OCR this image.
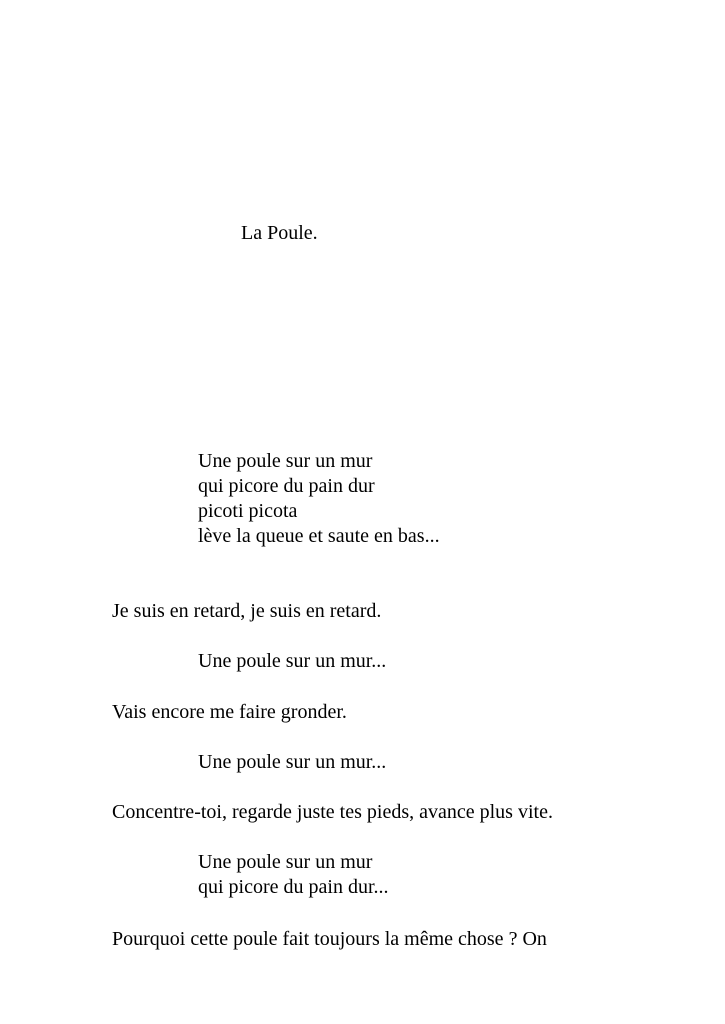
La Poule.
Une poule sur un mur
qui picore du pain dur
picoti picota
lève la queue et saute en bas...
Je suis en retard, je suis en retard.
Une poule sur un mur...
Vais encore me faire gronder.
Une poule sur un mur...
Concentre-toi, regarde juste tes pieds, avance plus vite.
Une poule sur un mur
qui picore du pain dur...
Pourquoi cette poule fait toujours la même chose ? On
